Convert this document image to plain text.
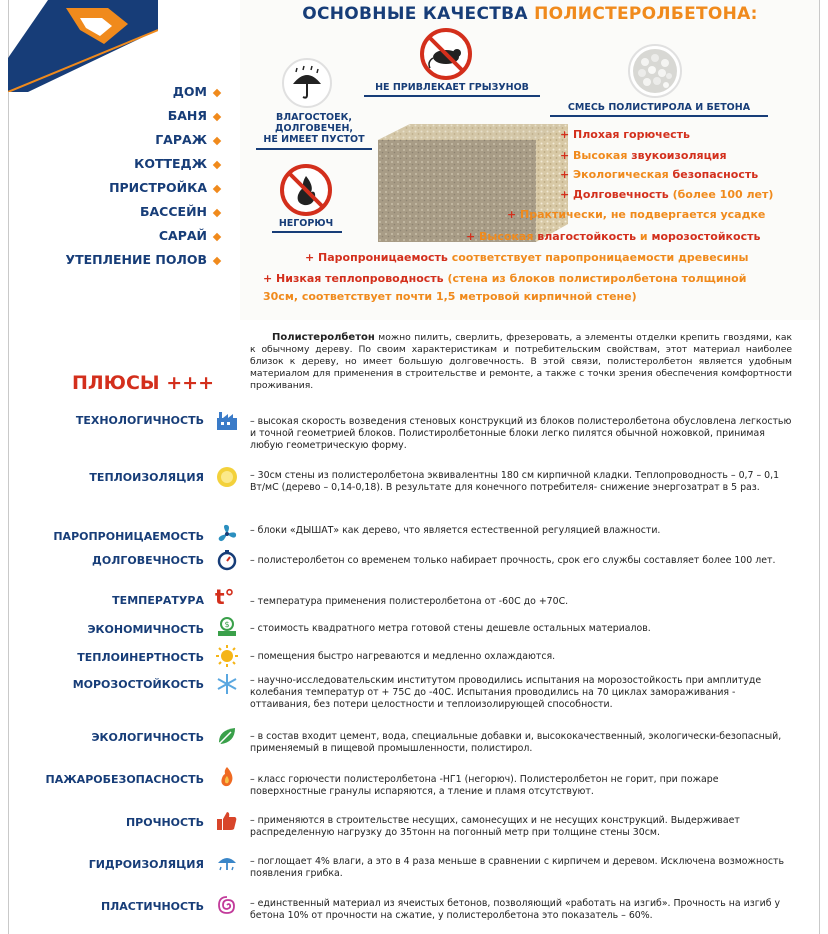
ОСНОВНЫЕ КАЧЕСТВА ПОЛИСТЕРОЛБЕТОНА:
ДОМ
БАНЯ
ГАРАЖ
КОТТЕДЖ
ПРИСТРОЙКА
БАССЕЙН
САРАЙ
УТЕПЛЕНИЕ ПОЛОВ
ВЛАГОСТОЕК,
ДОЛГОВЕЧЕН,
НЕ ИМЕЕТ ПУСТОТ
НЕ ПРИВЛЕКАЕТ ГРЫЗУНОВ
СМЕСЬ ПОЛИСТИРОЛА И БЕТОНА
НЕГОРЮЧ
+ Плохая горючесть
+ Высокая звукоизоляция
+ Экологическая безопасность
+ Долговечность (более 100 лет)
+ Практически, не подвергается усадке
+ Высокая влагостойкость и морозостойкость
+ Паропроницаемость соответствует паропроницаемости древесины
+ Низкая теплопроводность (стена из блоков полистиролбетона толщиной
30см, соответствует почти 1,5 метровой кирпичной стене)
Полистеролбетон можно пилить, сверлить, фрезеровать, а элементы отделки крепить гвоздями, как к обычному дереву. По своим характеристикам и потребительским свойствам, этот материал наиболее близок к дереву, но имеет большую долговечность. В этой связи, полистеролбетон является удобным материалом для применения в строительстве и ремонте, а также с точки зрения обеспечения комфортности проживания.
ПЛЮСЫ +++
ТЕХНОЛОГИЧНОСТЬ	– высокая скорость возведения стеновых конструкций из блоков полистеролбетона обусловлена легкостью и точной геометрией блоков. Полистиролбетонные блоки легко пилятся обычной ножовкой, принимая любую геометрическую форму.
ТЕПЛОИЗОЛЯЦИЯ	– 30см стены из полистеролбетона эквивалентны 180 см кирпичной кладки. Теплопроводность – 0,7 – 0,1 Вт/мС (дерево – 0,14-0,18). В результате для конечного потребителя- снижение энергозатрат в 5 раз.
ПАРОПРОНИЦАЕМОСТЬ	– блоки «ДЫШАТ» как дерево, что является естественной регуляцией влажности.
ДОЛГОВЕЧНОСТЬ	– полистеролбетон со временем только набирает прочность, срок его службы составляет более 100 лет.
ТЕМПЕРАТУРА t°	– температура применения полистеролбетона от -60С до +70С.
ЭКОНОМИЧНОСТЬ	$ – стоимость квадратного метра готовой стены дешевле остальных материалов.
ТЕПЛОИНЕРТНОСТЬ	– помещения быстро нагреваются и медленно охлаждаются.
МОРОЗОСТОЙКОСТЬ	– научно-исследовательским институтом проводились испытания на морозостойкость при амплитуде колебания температур от + 75С до -40С. Испытания проводились на 70 циклах замораживания - оттаивания, без потери целостности и теплоизолирующей способности.
ЭКОЛОГИЧНОСТЬ	– в состав входит цемент, вода, специальные добавки и, высококачественный, экологически-безопасный, применяемый в пищевой промышленности, полистирол.
ПАЖАРОБЕЗОПАСНОСТЬ	– класс горючести полистеролбетона -НГ1 (негорюч). Полистеролбетон не горит, при пожаре поверхностные гранулы испаряются, а тление и пламя отсутствуют.
ПРОЧНОСТЬ	– применяются в строительстве несущих, самонесущих и не несущих конструкций. Выдерживает распределенную нагрузку до 35тонн на погонный метр при толщине стены 30см.
ГИДРОИЗОЛЯЦИЯ	– поглощает 4% влаги, а это в 4 раза меньше в сравнении с кирпичем и деревом. Исключена возможность появления грибка.
ПЛАСТИЧНОСТЬ	– единственный материал из ячеистых бетонов, позволяющий «работать на изгиб». Прочность на изгиб у бетона 10% от прочности на сжатие, у полистеролбетона это показатель – 60%.
